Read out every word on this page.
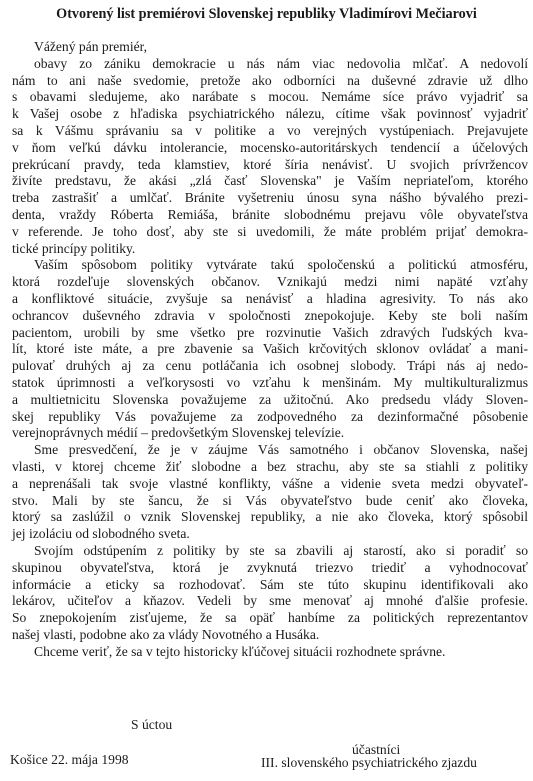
Otvorený list premiérovi Slovenskej republiky Vladimírovi Mečiarovi
Vážený pán premiér,
obavy zo zániku demokracie u nás nám viac nedovolia mlčať. A nedovolí
nám to ani naše svedomie, pretože ako odborníci na duševné zdravie už dlho
s obavami sledujeme, ako narábate s mocou. Nemáme síce právo vyjadriť sa
k Vašej osobe z hľadiska psychiatrického nálezu, cítime však povinnosť vyjadriť
sa k Vášmu správaniu sa v politike a vo verejných vystúpeniach. Prejavujete
v ňom veľkú dávku intolerancie, mocensko-autoritárskych tendencií a účelových
prekrúcaní pravdy, teda klamstiev, ktoré šíria nenávisť. U svojich prívržencov
živíte predstavu, že akási „zlá časť Slovenska" je Vaším nepriateľom, ktorého
treba zastrašiť a umlčať. Bránite vyšetreniu únosu syna nášho bývalého prezi-
denta, vraždy Róberta Remiáša, bránite slobodnému prejavu vôle obyvateľstva
v referende. Je toho dosť, aby ste si uvedomili, že máte problém prijať demokra-
tické princípy politiky.
Vaším spôsobom politiky vytvárate takú spoločenskú a politickú atmosféru,
ktorá rozdeľuje slovenských občanov. Vznikajú medzi nimi napäté vzťahy
a konfliktové situácie, zvyšuje sa nenávisť a hladina agresivity. To nás ako
ochrancov duševného zdravia v spoločnosti znepokojuje. Keby ste boli naším
pacientom, urobili by sme všetko pre rozvinutie Vašich zdravých ľudských kva-
lít, ktoré iste máte, a pre zbavenie sa Vašich krčovitých sklonov ovládať a mani-
pulovať druhých aj za cenu potláčania ich osobnej slobody. Trápi nás aj nedo-
statok úprimnosti a veľkorysosti vo vzťahu k menšinám. My multikulturalizmus
a multietnicitu Slovenska považujeme za užitočnú. Ako predsedu vlády Sloven-
skej republiky Vás považujeme za zodpovedného za dezinformačné pôsobenie
verejnoprávnych médií – predovšetkým Slovenskej televízie.
Sme presvedčení, že je v záujme Vás samotného i občanov Slovenska, našej
vlasti, v ktorej chceme žiť slobodne a bez strachu, aby ste sa stiahli z politiky
a neprenášali tak svoje vlastné konflikty, vášne a videnie sveta medzi obyvateľ-
stvo. Mali by ste šancu, že si Vás obyvateľstvo bude ceniť ako človeka,
ktorý sa zaslúžil o vznik Slovenskej republiky, a nie ako človeka, ktorý spôsobil
jej izoláciu od slobodného sveta.
Svojím odstúpením z politiky by ste sa zbavili aj starostí, ako si poradiť so
skupinou obyvateľstva, ktorá je zvyknutá triezvo triediť a vyhodnocovať
informácie a eticky sa rozhodovať. Sám ste túto skupinu identifikovali ako
lekárov, učiteľov a kňazov. Vedeli by sme menovať aj mnohé ďalšie profesie.
So znepokojením zisťujeme, že sa opäť hanbíme za politických reprezentantov
našej vlasti, podobne ako za vlády Novotného a Husáka.
Chceme veriť, že sa v tejto historicky kľúčovej situácii rozhodnete správne.
S úctou
Košice 22. mája 1998
účastníci
III. slovenského psychiatrického zjazdu
